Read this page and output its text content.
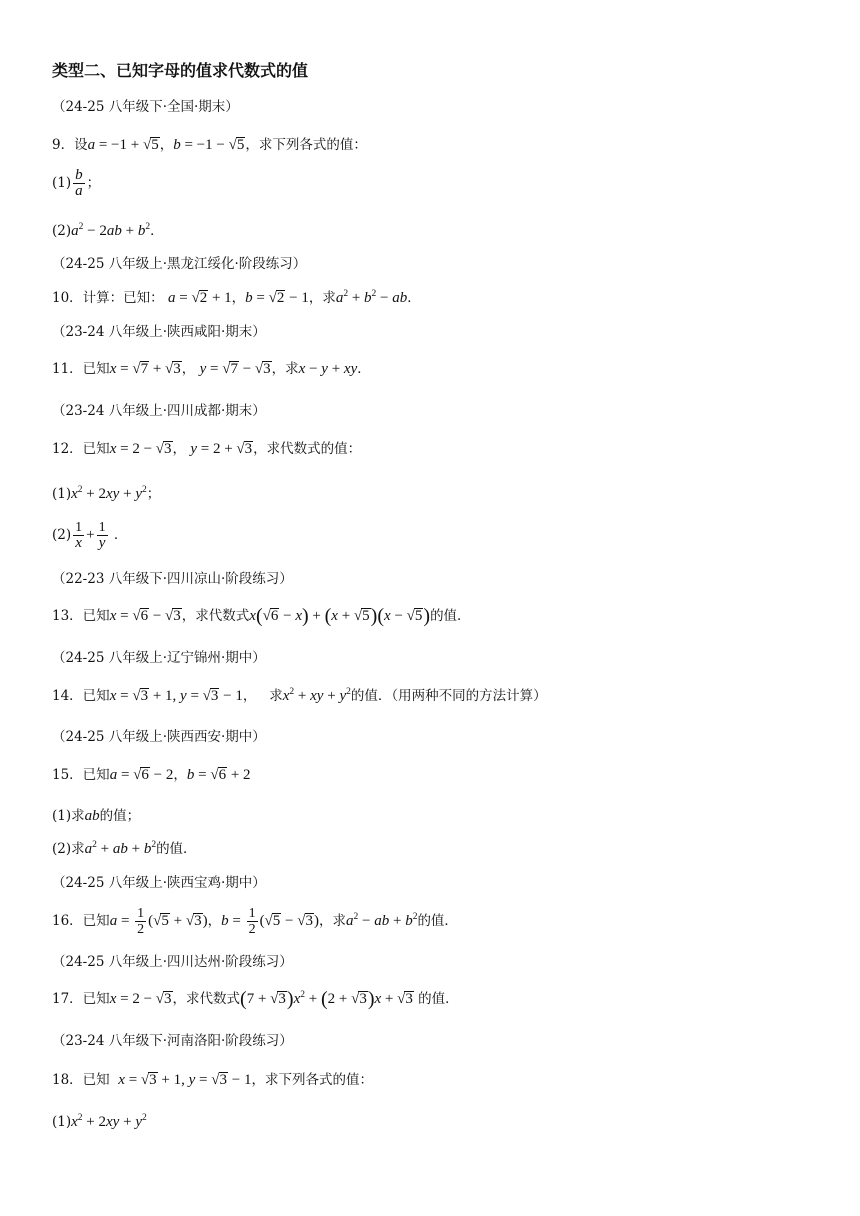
类型二、已知字母的值求代数式的值
（24-25 八年级下·全国·期末）
9．设a = −1 + √5，b = −1 − √5，求下列各式的值：
$(1) \frac{b}{a}$ ；
$(2)a^2 - 2ab + b^2$．
（24-25 八年级上·黑龙江绥化·阶段练习）
10．计算：已知： a = √2 + 1，b = √2 − 1，求$a^2 + b^2$ − ab．
（23-24 八年级上·陕西咸阳·期末）
11．已知x = √7 + √3， y = √7 − √3，求x − y + xy．
（23-24 八年级上·四川成都·期末）
12．已知x = 2 − √3， y = 2 + √3，求代数式的值：
$(1)x^2 + 2xy + y^2$；
$(2) \frac{1}{x} + \frac{1}{y}$ ．
（22-23 八年级下·四川凉山·阶段练习）
13．已知x = √6 − √3，求代数式x(√6 − x) + (x + √5)(x − √5)的值．
（24-25 八年级上·辽宁锦州·期中）
14．已知x = √3 + 1, y = √3 − 1，   求$x^2$ + xy + $y^2$的值．（用两种不同的方法计算）
（24-25 八年级上·陕西西安·期中）
15．已知a = √6 − 2，b = √6 + 2
(1)求ab的值；
(2)求$a^2$ + ab + $b^2$的值．
（24-25 八年级上·陕西宝鸡·期中）
16．已知$a = \frac{1}{2} (√5 + √3)$，$b = \frac{1}{2} (√5 - √3)$，求$a^2$ − ab + $b^2$的值．
（24-25 八年级上·四川达州·阶段练习）
17．已知x = 2 − √3，求代数式$(7 + √3)x^2 + (2 + √3)x + √3$ 的值．
（23-24 八年级下·河南洛阳·阶段练习）
18．已知 x = √3 + 1, y = √3 − 1，求下列各式的值：
$(1)x^2 + 2xy + y^2$
